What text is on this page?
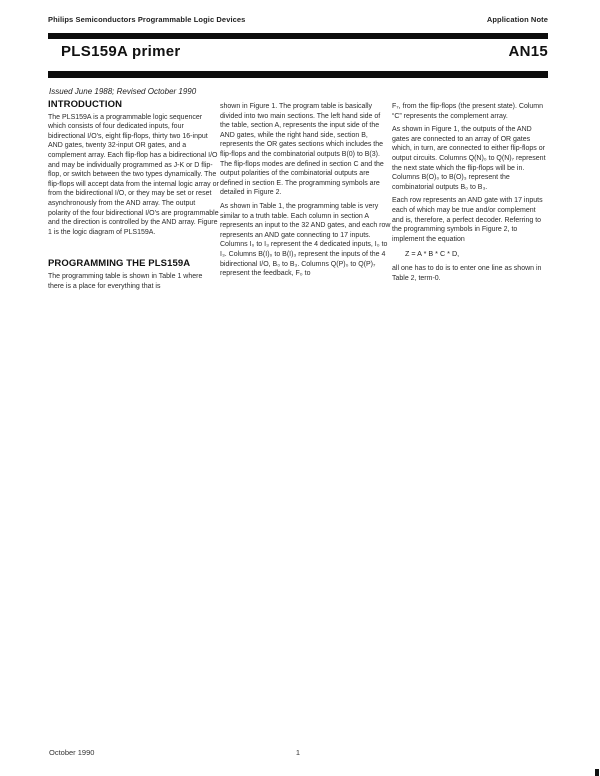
Philips Semiconductors Programmable Logic Devices	Application Note
PLS159A primer	AN15
Issued June 1988; Revised October 1990
INTRODUCTION

The PLS159A is a programmable logic sequencer which consists of four dedicated inputs, four bidirectional I/O's, eight flip-flops, thirty two 16-input AND gates, twenty 32-input OR gates, and a complement array. Each flip-flop has a bidirectional I/O and may be individually programmed as J-K or D flip-flop, or switch between the two types dynamically. The flip-flops will accept data from the internal logic array or from the bidirectional I/O, or they may be set or reset asynchronously from the AND array. The output polarity of the four bidirectional I/O's are programmable and the direction is controlled by the AND array. Figure 1 is the logic diagram of PLS159A.

PROGRAMMING THE PLS159A

The programming table is shown in Table 1 where there is a place for everything that is

shown in Figure 1. The program table is basically divided into two main sections. The left hand side of the table, section A, represents the input side of the AND gates, while the right hand side, section B, represents the OR gates sections which includes the flip-flops and the combinatorial outputs B(0) to B(3). The flip-flops modes are defined in section C and the output polarities of the combinatorial outputs are defined in section E. The programming symbols are detailed in Figure 2.

As shown in Table 1, the programming table is very similar to a truth table. Each column in section A represents an input to the 32 AND gates, and each row represents an AND gate connecting to 17 inputs. Columns I₀ to I₃ represent the 4 dedicated inputs, I₀ to I₃. Columns B(I)₀ to B(I)₃ represent the inputs of the 4 bidirectional I/O, B₀ to B₃. Columns Q(P)₀ to Q(P)₇ represent the feedback, F₀ to

F₇, from the flip-flops (the present state). Column “C” represents the complement array.

As shown in Figure 1, the outputs of the AND gates are connected to an array of OR gates which, in turn, are connected to either flip-flops or output circuits. Columns Q(N)₀ to Q(N)₇ represent the next state which the flip-flops will be in. Columns B(O)₀ to B(O)₃ represent the combinatorial outputs B₀ to B₃.

Each row represents an AND gate with 17 inputs each of which may be true and/or complement and is, therefore, a perfect decoder. Referring to the programming symbols in Figure 2, to implement the equation

Z = A * B * C * D,

all one has to do is to enter one line as shown in Table 2, term-0.

October 1990	1
